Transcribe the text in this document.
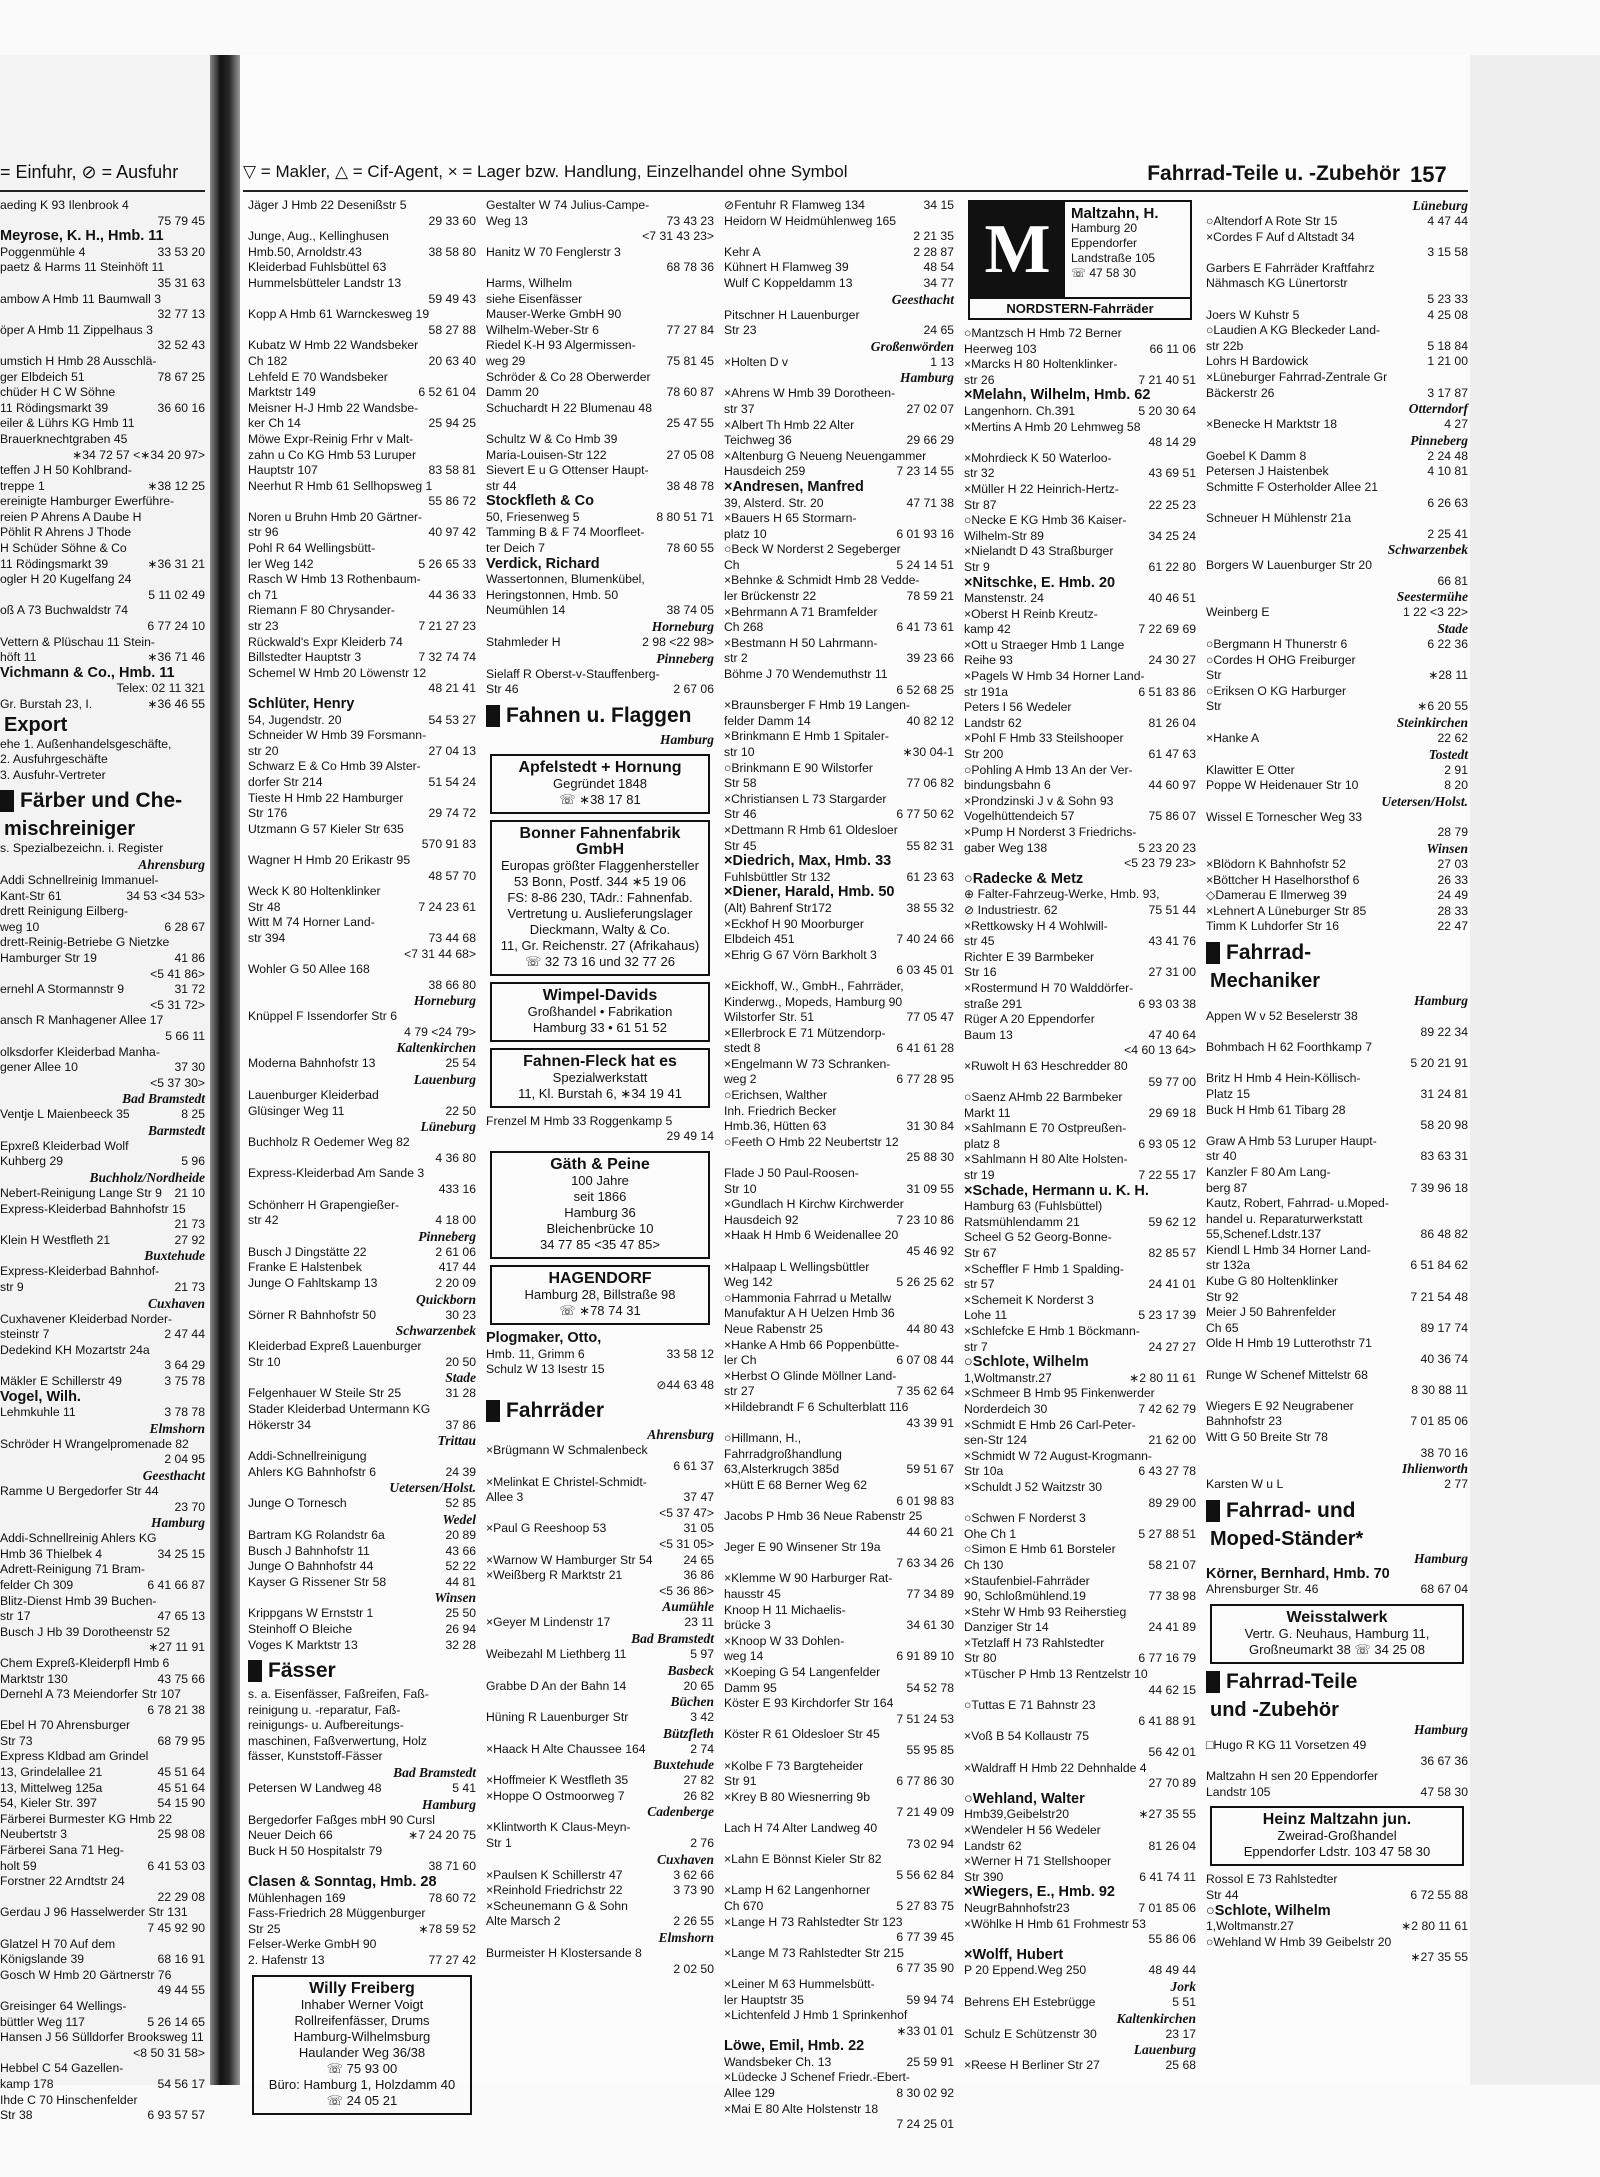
= Einfuhr, ⊘ = Ausfuhr	▽ = Makler, △ = Cif-Agent, × = Lager bzw. Handlung, Einzelhandel ohne Symbol	Fahrrad-Teile u. -Zubehör 157
aeding K 93 Ilenbrook 4
75 79 45
Meyrose, K. H., Hmb. 11
Poggenmühle 4	33 53 20
paetz & Harms 11 Steinhöft 11
35 31 63
ambow A Hmb 11 Baumwall 3
32 77 13
öper A Hmb 11 Zippelhaus 3
32 52 43
umstich H Hmb 28 Ausschlä-
ger Elbdeich 51	78 67 25
chüder H C W Söhne
11 Rödingsmarkt 39	36 60 16
eiler & Lührs KG Hmb 11
Brauerknechtgraben 45
∗34 72 57 <∗34 20 97>
teffen J H 50 Kohlbrand-
treppe 1	∗38 12 25
ereinigte Hamburger Ewerführe-
reien P Ahrens A Daube H
Pöhlit R Ahrens J Thode
H Schüder Söhne & Co
11 Rödingsmarkt 39	∗36 31 21
ogler H 20 Kugelfang 24
5 11 02 49
oß A 73 Buchwaldstr 74
6 77 24 10
Vettern & Plüschau 11 Stein-
höft 11	∗36 71 46
Vichmann & Co., Hmb. 11
Telex: 02 11 321
Gr. Burstah 23, I.	∗36 46 55
Export
ehe 1. Außenhandelsgeschäfte,
2. Ausfuhrgeschäfte
3. Ausfuhr-Vertreter
Färber und Che-
mischreiniger
s. Spezialbezeichn. i. Register
Ahrensburg
Addi Schnellreinig Immanuel-
Kant-Str 61	34 53 <34 53>
drett Reinigung Eilberg-
weg 10	6 28 67
drett-Reinig-Betriebe G Nietzke
Hamburger Str 19	41 86
<5 41 86>
ernehl A Stormannstr 9	31 72
<5 31 72>
ansch R Manhagener Allee 17
5 66 11
olksdorfer Kleiderbad Manha-
gener Allee 10	37 30
<5 37 30>
Bad Bramstedt
Ventje L Maienbeeck 35	8 25
Barmstedt
Epxreß Kleiderbad Wolf
Kuhberg 29	5 96
Buchholz/Nordheide
Nebert-Reinigung Lange Str 9	21 10
Express-Kleiderbad Bahnhofstr 15
21 73
Klein H Westfleth 21	27 92
Buxtehude
Express-Kleiderbad Bahnhof-
str 9	21 73
Cuxhaven
Cuxhavener Kleiderbad Norder-
steinstr 7	2 47 44
Dedekind KH Mozartstr 24a
3 64 29
Mäkler E Schillerstr 49	3 75 78
Vogel, Wilh.
Lehmkuhle 11	3 78 78
Elmshorn
Schröder H Wrangelpromenade 82
2 04 95
Geesthacht
Ramme U Bergedorfer Str 44
23 70
Hamburg
Addi-Schnellreinig Ahlers KG
Hmb 36 Thielbek 4	34 25 15
Adrett-Reinigung 71 Bram-
felder Ch 309	6 41 66 87
Blitz-Dienst Hmb 39 Buchen-
str 17	47 65 13
Busch J Hb 39 Dorotheenstr 52
∗27 11 91
Chem Expreß-Kleiderpfl Hmb 6
Marktstr 130	43 75 66
Dernehl A 73 Meiendorfer Str 107
6 78 21 38
Ebel H 70 Ahrensburger
Str 73	68 79 95
Express Kldbad am Grindel
13, Grindelallee 21	45 51 64
13, Mittelweg 125a	45 51 64
54, Kieler Str. 397	54 15 90
Färberei Burmester KG Hmb 22
Neubertstr 3	25 98 08
Färberei Sana 71 Heg-
holt 59	6 41 53 03
Forstner 22 Arndtstr 24
22 29 08
Gerdau J 96 Hasselwerder Str 131
7 45 92 90
Glatzel H 70 Auf dem
Königslande 39	68 16 91
Gosch W Hmb 20 Gärtnerstr 76
49 44 55
Greisinger 64 Wellings-
büttler Weg 117	5 26 14 65
Hansen J 56 Sülldorfer Brooksweg 11
<8 50 31 58>
Hebbel C 54 Gazellen-
kamp 178	54 56 17
Ihde C 70 Hinschenfelder
Str 38	6 93 57 57
Jäger J Hmb 22 Desenißstr 5
29 33 60
Junge, Aug., Kellinghusen
Hmb.50, Arnoldstr.43	38 58 80
Kleiderbad Fuhlsbüttel 63
Hummelsbütteler Landstr 13
59 49 43
Kopp A Hmb 61 Warnckesweg 19
58 27 88
Kubatz W Hmb 22 Wandsbeker
Ch 182	20 63 40
Lehfeld E 70 Wandsbeker
Marktstr 149	6 52 61 04
Meisner H-J Hmb 22 Wandsbe-
ker Ch 14	25 94 25
Möwe Expr-Reinig Frhr v Malt-
zahn u Co KG Hmb 53 Luruper
Hauptstr 107	83 58 81
Neerhut R Hmb 61 Sellhopsweg 1
55 86 72
Noren u Bruhn Hmb 20 Gärtner-
str 96	40 97 42
Pohl R 64 Wellingsbütt-
ler Weg 142	5 26 65 33
Rasch W Hmb 13 Rothenbaum-
ch 71	44 36 33
Riemann F 80 Chrysander-
str 23	7 21 27 23
Rückwald's Expr Kleiderb 74
Billstedter Hauptstr 3	7 32 74 74
Schemel W Hmb 20 Löwenstr 12
48 21 41
Schlüter, Henry
54, Jugendstr. 20	54 53 27
Schneider W Hmb 39 Forsmann-
str 20	27 04 13
Schwarz E & Co Hmb 39 Alster-
dorfer Str 214	51 54 24
Tieste H Hmb 22 Hamburger
Str 176	29 74 72
Utzmann G 57 Kieler Str 635
570 91 83
Wagner H Hmb 20 Erikastr 95
48 57 70
Weck K 80 Holtenklinker
Str 48	7 24 23 61
Witt M 74 Horner Land-
str 394	73 44 68
<7 31 44 68>
Wohler G 50 Allee 168
38 66 80
Horneburg
Knüppel F Issendorfer Str 6
4 79 <24 79>
Kaltenkirchen
Moderna Bahnhofstr 13	25 54
Lauenburg
Lauenburger Kleiderbad
Glüsinger Weg 11	22 50
Lüneburg
Buchholz R Oedemer Weg 82
4 36 80
Express-Kleiderbad Am Sande 3
433 16
Schönherr H Grapengießer-
str 42	4 18 00
Pinneberg
Busch J Dingstätte 22	2 61 06
Franke E Halstenbek	417 44
Junge O Fahltskamp 13	2 20 09
Quickborn
Sörner R Bahnhofstr 50	30 23
Schwarzenbek
Kleiderbad Expreß Lauenburger
Str 10	20 50
Stade
Felgenhauer W Steile Str 25	31 28
Stader Kleiderbad Untermann KG
Hökerstr 34	37 86
Trittau
Addi-Schnellreinigung
Ahlers KG Bahnhofstr 6	24 39
Uetersen/Holst.
Junge O Tornesch	52 85
Wedel
Bartram KG Rolandstr 6a	20 89
Busch J Bahnhofstr 11	43 66
Junge O Bahnhofstr 44	52 22
Kayser G Rissener Str 58	44 81
Winsen
Krippgans W Ernststr 1	25 50
Steinhoff O Bleiche	26 94
Voges K Marktstr 13	32 28
Fässer
s. a. Eisenfässer, Faßreifen, Faß-
reinigung u. -reparatur, Faß-
reinigungs- u. Aufbereitungs-
maschinen, Faßverwertung, Holz
fässer, Kunststoff-Fässer
Bad Bramstedt
Petersen W Landweg 48	5 41
Hamburg
Bergedorfer Faßges mbH 90 Cursl
Neuer Deich 66	∗7 24 20 75
Buck H 50 Hospitalstr 79
38 71 60
Clasen & Sonntag, Hmb. 28
Mühlenhagen 169	78 60 72
Fass-Friedrich 28 Müggenburger
Str 25	∗78 59 52
Felser-Werke GmbH 90
2. Hafenstr 13	77 27 42
Willy Freiberg
Inhaber Werner Voigt
Rollreifenfässer, Drums
Hamburg-Wilhelmsburg
Haulander Weg 36/38
☏ 75 93 00
Büro: Hamburg 1, Holzdamm 40
☏ 24 05 21
Gestalter W 74 Julius-Campe-
Weg 13	73 43 23
<7 31 43 23>
Hanitz W 70 Fenglerstr 3
68 78 36
Harms, Wilhelm
siehe Eisenfässer
Mauser-Werke GmbH 90
Wilhelm-Weber-Str 6	77 27 84
Riedel K-H 93 Algermissen-
weg 29	75 81 45
Schröder & Co 28 Oberwerder
Damm 20	78 60 87
Schuchardt H 22 Blumenau 48
25 47 55
Schultz W & Co Hmb 39
Maria-Louisen-Str 122	27 05 08
Sievert E u G Ottenser Haupt-
str 44	38 48 78
Stockfleth & Co
50, Friesenweg 5	8 80 51 71
Tamming B & F 74 Moorfleet-
ter Deich 7	78 60 55
Verdick, Richard
Wassertonnen, Blumenkübel,
Heringstonnen, Hmb. 50
Neumühlen 14	38 74 05
Horneburg
Stahmleder H	2 98 <22 98>
Pinneberg
Sielaff R Oberst-v-Stauffenberg-
Str 46	2 67 06
Fahnen u. Flaggen
Hamburg
Apfelstedt + Hornung
Gegründet 1848
☏ ∗38 17 81
Bonner Fahnenfabrik GmbH
Europas größter Flaggenhersteller
53 Bonn, Postf. 344 ∗5 19 06
FS: 8-86 230, TAdr.: Fahnenfab.
Vertretung u. Auslieferungslager
Dieckmann, Walty & Co.
11, Gr. Reichenstr. 27 (Afrikahaus)
☏ 32 73 16 und 32 77 26
Wimpel-Davids
Großhandel • Fabrikation
Hamburg 33 • 61 51 52
Fahnen-Fleck hat es
Spezialwerkstatt
11, Kl. Burstah 6, ∗34 19 41
Frenzel M Hmb 33 Roggenkamp 5
29 49 14
Gäth & Peine
100 Jahre
seit 1866
Hamburg 36
Bleichenbrücke 10
34 77 85 <35 47 85>
HAGENDORF
Hamburg 28, Billstraße 98
☏ ∗78 74 31
Plogmaker, Otto,
Hmb. 11, Grimm 6	33 58 12
Schulz W 13 Isestr 15
⊘44 63 48
Fahrräder
Ahrensburg
×Brügmann W Schmalenbeck
6 61 37
×Melinkat E Christel-Schmidt-
Allee 3	37 47
<5 37 47>
×Paul G Reeshoop 53	31 05
<5 31 05>
×Warnow W Hamburger Str 54	24 65
×Weißberg R Marktstr 21	36 86
<5 36 86>
Aumühle
×Geyer M Lindenstr 17	23 11
Bad Bramstedt
Weibezahl M Liethberg 11	5 97
Basbeck
Grabbe D An der Bahn 14	20 65
Büchen
Hüning R Lauenburger Str	3 42
Bützfleth
×Haack H Alte Chaussee 164	2 74
Buxtehude
×Hoffmeier K Westfleth 35	27 82
×Hoppe O Ostmoorweg 7	26 82
Cadenberge
×Klintworth K Claus-Meyn-
Str 1	2 76
Cuxhaven
×Paulsen K Schillerstr 47	3 62 66
×Reinhold Friedrichstr 22	3 73 90
×Scheunemann G & Sohn
Alte Marsch 2	2 26 55
Elmshorn
Burmeister H Klostersande 8
2 02 50
⊘Fentuhr R Flamweg 134	34 15
Heidorn W Heidmühlenweg 165
2 21 35
Kehr A	2 28 87
Kühnert H Flamweg 39	48 54
Wulf C Koppeldamm 13	34 77
Geesthacht
Pitschner H Lauenburger
Str 23	24 65
Großenwörden
×Holten D v	1 13
Hamburg
×Ahrens W Hmb 39 Dorotheen-
str 37	27 02 07
×Albert Th Hmb 22 Alter
Teichweg 36	29 66 29
×Altenburg G Neueng Neuengammer
Hausdeich 259	7 23 14 55
×Andresen, Manfred
39, Alsterd. Str. 20	47 71 38
×Bauers H 65 Stormarn-
platz 10	6 01 93 16
○Beck W Norderst 2 Segeberger
Ch	5 24 14 51
×Behnke & Schmidt Hmb 28 Vedde-
ler Brückenstr 22	78 59 21
×Behrmann A 71 Bramfelder
Ch 268	6 41 73 61
×Bestmann H 50 Lahrmann-
str 2	39 23 66
Böhme J 70 Wendemuthstr 11
6 52 68 25
×Braunsberger F Hmb 19 Langen-
felder Damm 14	40 82 12
×Brinkmann E Hmb 1 Spitaler-
str 10	∗30 04-1
○Brinkmann E 90 Wilstorfer
Str 58	77 06 82
×Christiansen L 73 Stargarder
Str 46	6 77 50 62
×Dettmann R Hmb 61 Oldesloer
Str 45	55 82 31
×Diedrich, Max, Hmb. 33
Fuhlsbüttler Str 132	61 23 63
×Diener, Harald, Hmb. 50
(Alt) Bahrenf Str172	38 55 32
×Eckhof H 90 Moorburger
Elbdeich 451	7 40 24 66
×Ehrig G 67 Vörn Barkholt 3
6 03 45 01
×Eickhoff, W., GmbH., Fahrräder,
Kinderwg., Mopeds, Hamburg 90
Wilstorfer Str. 51	77 05 47
×Ellerbrock E 71 Mützendorp-
stedt 8	6 41 61 28
×Engelmann W 73 Schranken-
weg 2	6 77 28 95
○Erichsen, Walther
Inh. Friedrich Becker
Hmb.36, Hütten 63	31 30 84
○Feeth O Hmb 22 Neubertstr 12
25 88 30
Flade J 50 Paul-Roosen-
Str 10	31 09 55
×Gundlach H Kirchw Kirchwerder
Hausdeich 92	7 23 10 86
×Haak H Hmb 6 Weidenallee 20
45 46 92
×Halpaap L Wellingsbüttler
Weg 142	5 26 25 62
○Hammonia Fahrrad u Metallw
Manufaktur A H Uelzen Hmb 36
Neue Rabenstr 25	44 80 43
×Hanke A Hmb 66 Poppenbütte-
ler Ch	6 07 08 44
×Herbst O Glinde Möllner Land-
str 27	7 35 62 64
×Hildebrandt F 6 Schulterblatt 116
43 39 91
○Hillmann, H.,
Fahrradgroßhandlung
63,Alsterkrugch 385d	59 51 67
×Hütt E 68 Berner Weg 62
6 01 98 83
Jacobs P Hmb 36 Neue Rabenstr 25
44 60 21
Jeger E 90 Winsener Str 19a
7 63 34 26
×Klemme W 90 Harburger Rat-
hausstr 45	77 34 89
Knoop H 11 Michaelis-
brücke 3	34 61 30
×Knoop W 33 Dohlen-
weg 14	6 91 89 10
×Koeping G 54 Langenfelder
Damm 95	54 52 78
Köster E 93 Kirchdorfer Str 164
7 51 24 53
Köster R 61 Oldesloer Str 45
55 95 85
×Kolbe F 73 Bargteheider
Str 91	6 77 86 30
×Krey B 80 Wiesnerring 9b
7 21 49 09
Lach H 74 Alter Landweg 40
73 02 94
×Lahn E Bönnst Kieler Str 82
5 56 62 84
×Lamp H 62 Langenhorner
Ch 670	5 27 83 75
×Lange H 73 Rahlstedter Str 123
6 77 39 45
×Lange M 73 Rahlstedter Str 215
6 77 35 90
×Leiner M 63 Hummelsbütt-
ler Hauptstr 35	59 94 74
×Lichtenfeld J Hmb 1 Sprinkenhof
∗33 01 01
Löwe, Emil, Hmb. 22
Wandsbeker Ch. 13	25 59 91
×Lüdecke J Schenef Friedr.-Ebert-
Allee 129	8 30 02 92
×Mai E 80 Alte Holstenstr 18
7 24 25 01
M	Maltzahn, H.
Hamburg 20
Eppendorfer
Landstraße 105
☏ 47 58 30
NORDSTERN-Fahrräder
○Mantzsch H Hmb 72 Berner
Heerweg 103	66 11 06
×Marcks H 80 Holtenklinker-
str 26	7 21 40 51
×Melahn, Wilhelm, Hmb. 62
Langenhorn. Ch.391	5 20 30 64
×Mertins A Hmb 20 Lehmweg 58
48 14 29
×Mohrdieck K 50 Waterloo-
str 32	43 69 51
×Müller H 22 Heinrich-Hertz-
Str 87	22 25 23
○Necke E KG Hmb 36 Kaiser-
Wilhelm-Str 89	34 25 24
×Nielandt D 43 Straßburger
Str 9	61 22 80
×Nitschke, E. Hmb. 20
Manstenstr. 24	40 46 51
×Oberst H Reinb Kreutz-
kamp 42	7 22 69 69
×Ott u Straeger Hmb 1 Lange
Reihe 93	24 30 27
×Pagels W Hmb 34 Horner Land-
str 191a	6 51 83 86
Peters I 56 Wedeler
Landstr 62	81 26 04
×Pohl F Hmb 33 Steilshooper
Str 200	61 47 63
○Pohling A Hmb 13 An der Ver-
bindungsbahn 6	44 60 97
×Prondzinski J v & Sohn 93
Vogelhüttendeich 57	75 86 07
×Pump H Norderst 3 Friedrichs-
gaber Weg 138	5 23 20 23
<5 23 79 23>
○Radecke & Metz
⊕ Falter-Fahrzeug-Werke, Hmb. 93,
⊘ Industriestr. 62	75 51 44
×Rettkowsky H 4 Wohlwill-
str 45	43 41 76
Richter E 39 Barmbeker
Str 16	27 31 00
×Rostermund H 70 Walddörfer-
straße 291	6 93 03 38
Rüger A 20 Eppendorfer
Baum 13	47 40 64
<4 60 13 64>
×Ruwolt H 63 Heschredder 80
59 77 00
○Saenz AHmb 22 Barmbeker
Markt 11	29 69 18
×Sahlmann E 70 Ostpreußen-
platz 8	6 93 05 12
×Sahlmann H 80 Alte Holsten-
str 19	7 22 55 17
×Schade, Hermann u. K. H.
Hamburg 63 (Fuhlsbüttel)
Ratsmühlendamm 21	59 62 12
Scheel G 52 Georg-Bonne-
Str 67	82 85 57
×Scheffler F Hmb 1 Spalding-
str 57	24 41 01
×Schemeit K Norderst 3
Lohe 11	5 23 17 39
×Schlefcke E Hmb 1 Böckmann-
str 7	24 27 27
○Schlote, Wilhelm
1,Woltmanstr.27	∗2 80 11 61
×Schmeer B Hmb 95 Finkenwerder
Norderdeich 30	7 42 62 79
×Schmidt E Hmb 26 Carl-Peter-
sen-Str 124	21 62 00
×Schmidt W 72 August-Krogmann-
Str 10a	6 43 27 78
×Schuldt J 52 Waitzstr 30
89 29 00
○Schwen F Norderst 3
Ohe Ch 1	5 27 88 51
○Simon E Hmb 61 Borsteler
Ch 130	58 21 07
×Staufenbiel-Fahrräder
90, Schloßmühlend.19	77 38 98
×Stehr W Hmb 93 Reiherstieg
Danziger Str 14	24 41 89
×Tetzlaff H 73 Rahlstedter
Str 80	6 77 16 79
×Tüscher P Hmb 13 Rentzelstr 10
44 62 15
○Tuttas E 71 Bahnstr 23
6 41 88 91
×Voß B 54 Kollaustr 75
56 42 01
×Waldraff H Hmb 22 Dehnhalde 4
27 70 89
○Wehland, Walter
Hmb39,Geibelstr20	∗27 35 55
×Wendeler H 56 Wedeler
Landstr 62	81 26 04
×Werner H 71 Stellshooper
Str 390	6 41 74 11
×Wiegers, E., Hmb. 92
NeugrBahnhofstr23	7 01 85 06
×Wöhlke H Hmb 61 Frohmestr 53
55 86 06
×Wolff, Hubert
P 20 Eppend.Weg 250	48 49 44
Jork
Behrens EH Estebrügge	5 51
Kaltenkirchen
Schulz E Schützenstr 30	23 17
Lauenburg
×Reese H Berliner Str 27	25 68
Lüneburg
○Altendorf A Rote Str 15	4 47 44
×Cordes F Auf d Altstadt 34
3 15 58
Garbers E Fahrräder Kraftfahrz
Nähmasch KG Lünertorstr
5 23 33
Joers W Kuhstr 5	4 25 08
○Laudien A KG Bleckeder Land-
str 22b	5 18 84
Lohrs H Bardowick	1 21 00
×Lüneburger Fahrrad-Zentrale Gr
Bäckerstr 26	3 17 87
Otterndorf
×Benecke H Marktstr 18	4 27
Pinneberg
Goebel K Damm 8	2 24 48
Petersen J Haistenbek	4 10 81
Schmitte F Osterholder Allee 21
6 26 63
Schneuer H Mühlenstr 21a
2 25 41
Schwarzenbek
Borgers W Lauenburger Str 20
66 81
Seestermühe
Weinberg E	1 22 <3 22>
Stade
○Bergmann H Thunerstr 6	6 22 36
○Cordes H OHG Freiburger
Str	∗28 11
○Eriksen O KG Harburger
Str	∗6 20 55
Steinkirchen
×Hanke A	22 62
Tostedt
Klawitter E Otter	2 91
Poppe W Heidenauer Str 10	8 20
Uetersen/Holst.
Wissel E Tornescher Weg 33
28 79
Winsen
×Blödorn K Bahnhofstr 52	27 03
×Böttcher H Haselhorsthof 6	26 33
◇Damerau E Ilmerweg 39	24 49
×Lehnert A Lüneburger Str 85	28 33
Timm K Luhdorfer Str 16	22 47
Fahrrad-
Mechaniker
Hamburg
Appen W v 52 Beselerstr 38
89 22 34
Bohmbach H 62 Foorthkamp 7
5 20 21 91
Britz H Hmb 4 Hein-Köllisch-
Platz 15	31 24 81
Buck H Hmb 61 Tibarg 28
58 20 98
Graw A Hmb 53 Luruper Haupt-
str 40	83 63 31
Kanzler F 80 Am Lang-
berg 87	7 39 96 18
Kautz, Robert, Fahrrad- u.Moped-
handel u. Reparaturwerkstatt
55,Schenef.Ldstr.137	86 48 82
Kiendl L Hmb 34 Horner Land-
str 132a	6 51 84 62
Kube G 80 Holtenklinker
Str 92	7 21 54 48
Meier J 50 Bahrenfelder
Ch 65	89 17 74
Olde H Hmb 19 Lutterothstr 71
40 36 74
Runge W Schenef Mittelstr 68
8 30 88 11
Wiegers E 92 Neugrabener
Bahnhofstr 23	7 01 85 06
Witt G 50 Breite Str 78
38 70 16
Ihlienworth
Karsten W u L	2 77
Fahrrad- und
Moped-Ständer*
Hamburg
Körner, Bernhard, Hmb. 70
Ahrensburger Str. 46	68 67 04
Weisstalwerk
Vertr. G. Neuhaus, Hamburg 11,
Großneumarkt 38 ☏ 34 25 08
Fahrrad-Teile
und -Zubehör
Hamburg
□Hugo R KG 11 Vorsetzen 49
36 67 36
Maltzahn H sen 20 Eppendorfer
Landstr 105	47 58 30
Heinz Maltzahn jun.
Zweirad-Großhandel
Eppendorfer Ldstr. 103 47 58 30
Rossol E 73 Rahlstedter
Str 44	6 72 55 88
○Schlote, Wilhelm
1,Woltmanstr.27	∗2 80 11 61
○Wehland W Hmb 39 Geibelstr 20
∗27 35 55
